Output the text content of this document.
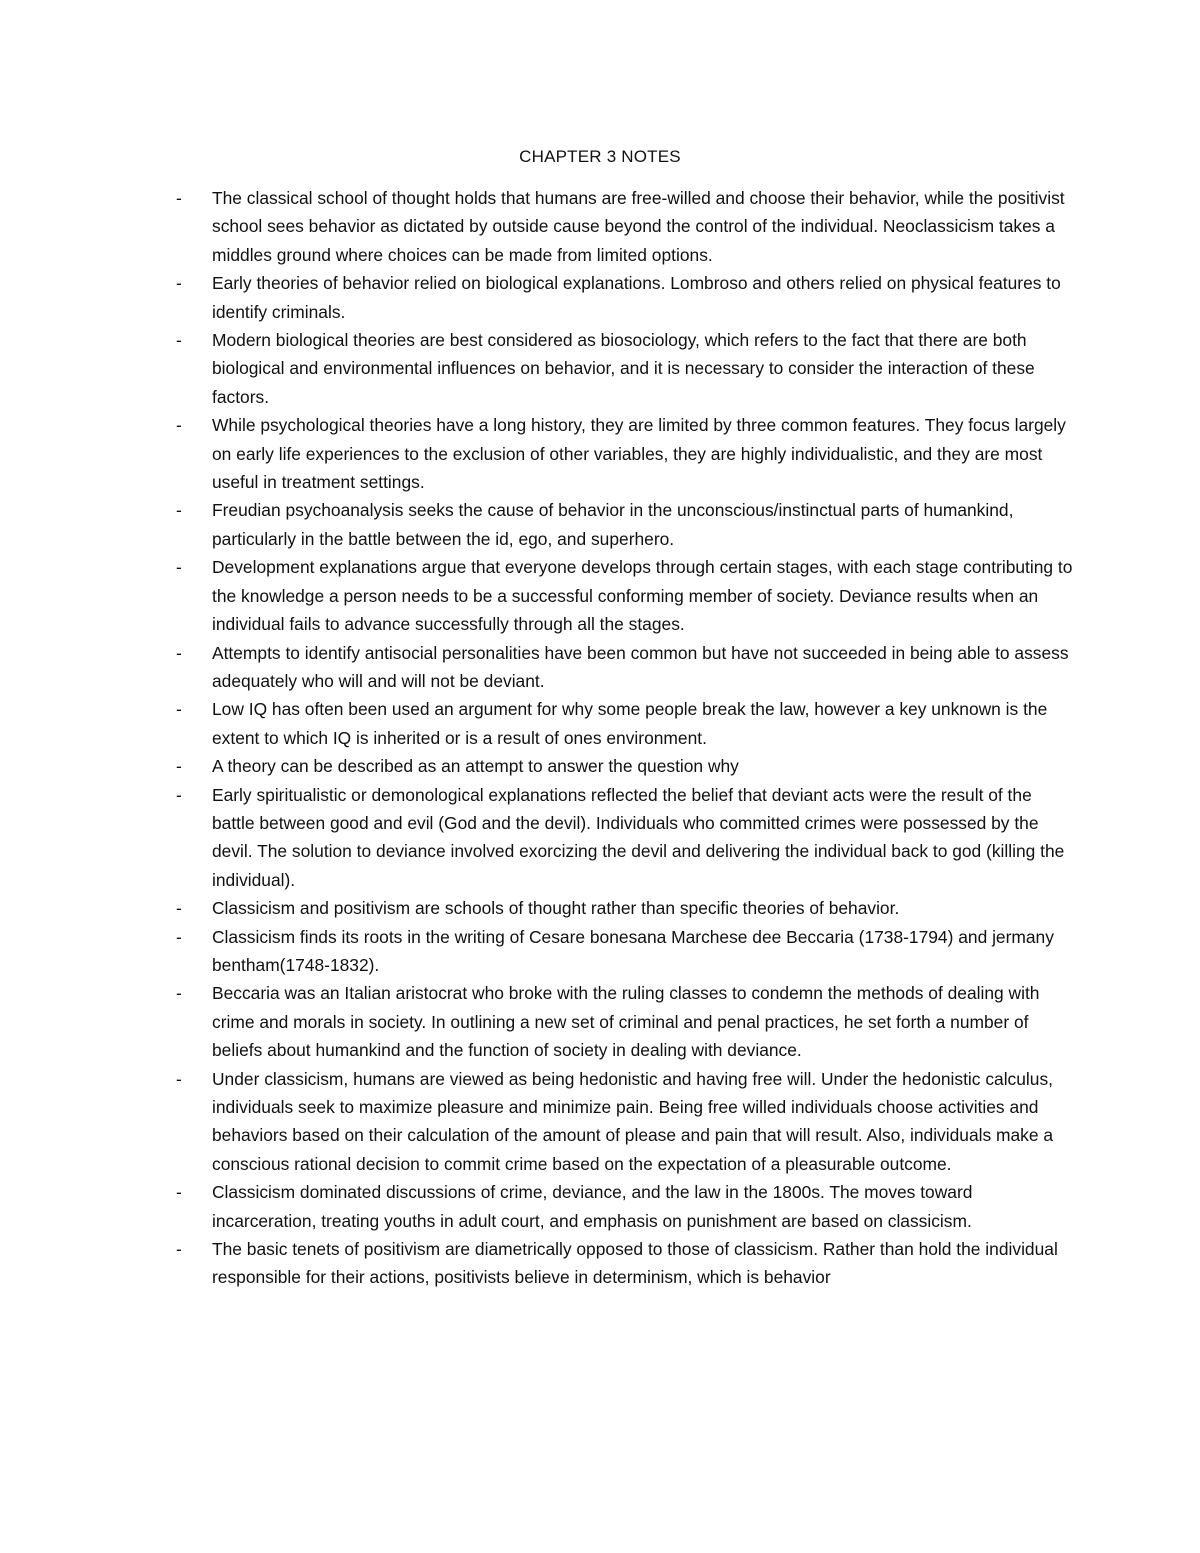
CHAPTER 3 NOTES
-	The classical school of thought holds that humans are free-willed and choose their behavior, while the positivist school sees behavior as dictated by outside cause beyond the control of the individual. Neoclassicism takes a middles ground where choices can be made from limited options.
-	Early theories of behavior relied on biological explanations. Lombroso and others relied on physical features to identify criminals.
-	Modern biological theories are best considered as biosociology, which refers to the fact that there are both biological and environmental influences on behavior, and it is necessary to consider the interaction of these factors.
-	While psychological theories have a long history, they are limited by three common features. They focus largely on early life experiences to the exclusion of other variables, they are highly individualistic, and they are most useful in treatment settings.
-	Freudian psychoanalysis seeks the cause of behavior in the unconscious/instinctual parts of humankind, particularly in the battle between the id, ego, and superhero.
-	Development explanations argue that everyone develops through certain stages, with each stage contributing to the knowledge a person needs to be a successful conforming member of society. Deviance results when an individual fails to advance successfully through all the stages.
-	Attempts to identify antisocial personalities have been common but have not succeeded in being able to assess adequately who will and will not be deviant.
-	Low IQ has often been used an argument for why some people break the law, however a key unknown is the extent to which IQ is inherited or is a result of ones environment.
-	A theory can be described as an attempt to answer the question why
-	Early spiritualistic or demonological explanations reflected the belief that deviant acts were the result of the battle between good and evil (God and the devil). Individuals who committed crimes were possessed by the devil. The solution to deviance involved exorcizing the devil and delivering the individual back to god (killing the individual).
-	Classicism and positivism are schools of thought rather than specific theories of behavior.
-	Classicism finds its roots in the writing of Cesare bonesana Marchese dee Beccaria (1738-1794) and jermany bentham(1748-1832).
-	Beccaria was an Italian aristocrat who broke with the ruling classes to condemn the methods of dealing with crime and morals in society. In outlining a new set of criminal and penal practices, he set forth a number of beliefs about humankind and the function of society in dealing with deviance.
-	Under classicism, humans are viewed as being hedonistic and having free will. Under the hedonistic calculus, individuals seek to maximize pleasure and minimize pain. Being free willed individuals choose activities and behaviors based on their calculation of the amount of please and pain that will result. Also, individuals make a conscious rational decision to commit crime based on the expectation of a pleasurable outcome.
-	Classicism dominated discussions of crime, deviance, and the law in the 1800s. The moves toward incarceration, treating youths in adult court, and emphasis on punishment are based on classicism.
-	The basic tenets of positivism are diametrically opposed to those of classicism. Rather than hold the individual responsible for their actions, positivists believe in determinism, which is behavior
